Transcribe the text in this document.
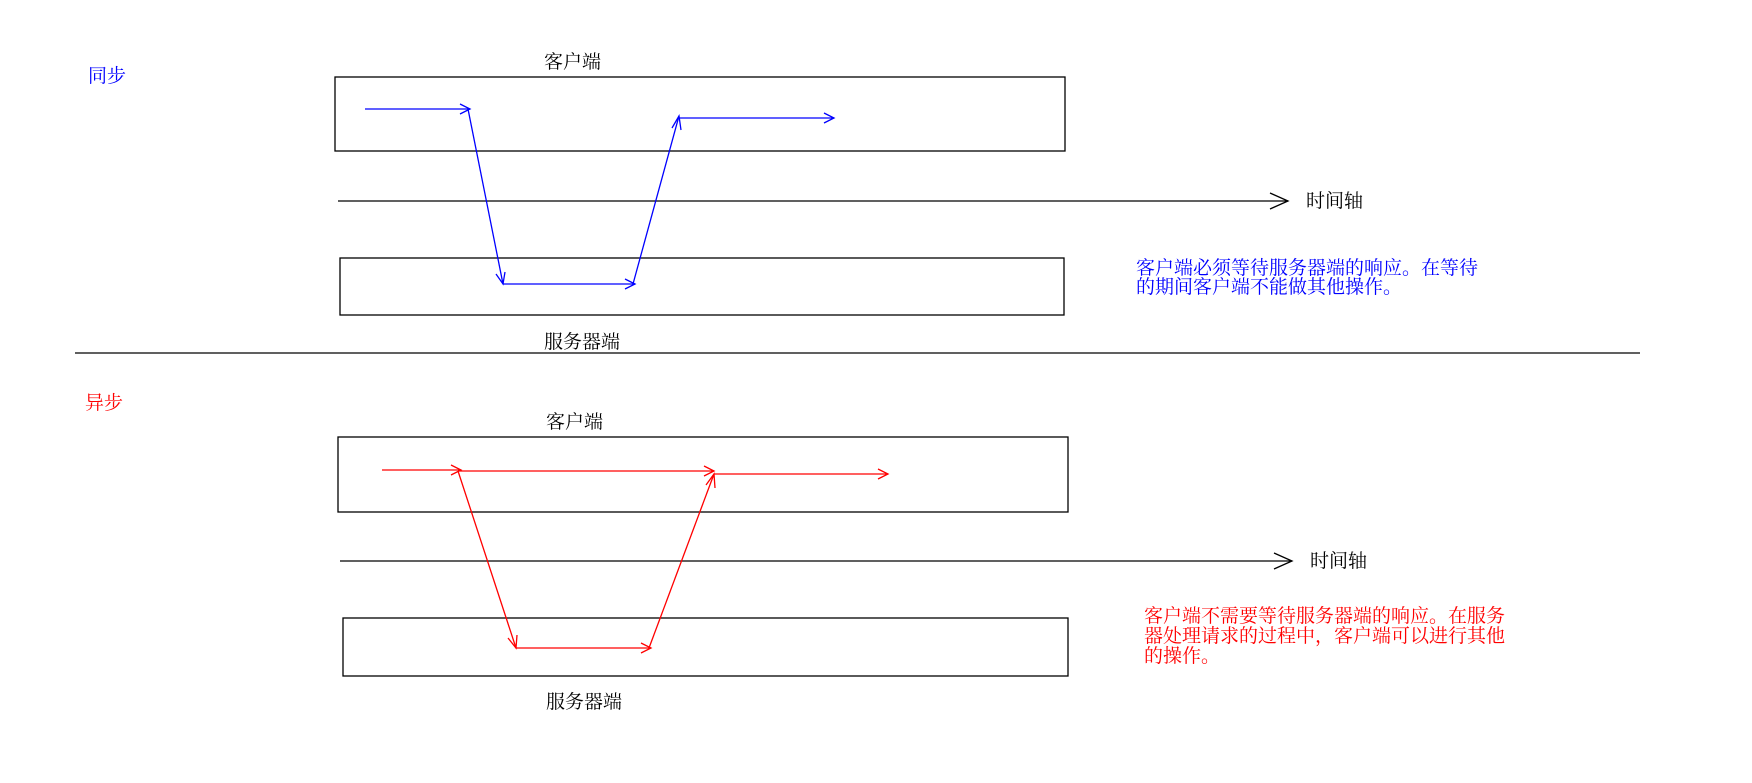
同步
客户端
时间轴
服务器端
客户端必须等待服务器端的响应。在等待
的期间客户端不能做其他操作。
异步
客户端
时间轴
服务器端
客户端不需要等待服务器端的响应。在服务
器处理请求的过程中，客户端可以进行其他
的操作。
